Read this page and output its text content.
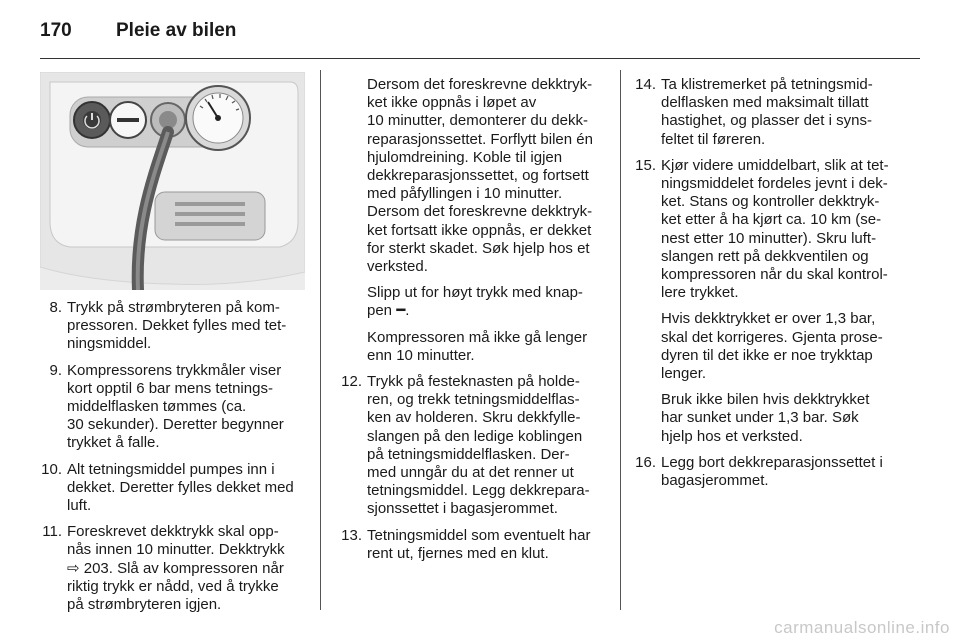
170 Pleie av bilen
8. Trykk på strømbryteren på kom-
pressoren. Dekket fylles med tet-
ningsmiddel.

9. Kompressorens trykkmåler viser
kort opptil 6 bar mens tetnings-
middelflasken tømmes (ca.
30 sekunder). Deretter begynner
trykket å falle.

10. Alt tetningsmiddel pumpes inn i
dekket. Deretter fylles dekket med
luft.

11. Foreskrevet dekktrykk skal opp-
nås innen 10 minutter. Dekktrykk
⇨ 203. Slå av kompressoren når
riktig trykk er nådd, ved å trykke
på strømbryteren igjen.

Dersom det foreskrevne dekktryk-
ket ikke oppnås i løpet av
10 minutter, demonterer du dekk-
reparasjonssettet. Forflytt bilen én
hjulomdreining. Koble til igjen
dekkreparasjonssettet, og fortsett
med påfyllingen i 10 minutter.
Dersom det foreskrevne dekktryk-
ket fortsatt ikke oppnås, er dekket
for sterkt skadet. Søk hjelp hos et
verksted.

Slipp ut for høyt trykk med knap-
pen ━.

Kompressoren må ikke gå lenger
enn 10 minutter.

12. Trykk på festeknasten på holde-
ren, og trekk tetningsmiddelflas-
ken av holderen. Skru dekkfylle-
slangen på den ledige koblingen
på tetningsmiddelflasken. Der-
med unngår du at det renner ut
tetningsmiddel. Legg dekkrepara-
sjonssettet i bagasjerommet.

13. Tetningsmiddel som eventuelt har
rent ut, fjernes med en klut.

14. Ta klistremerket på tetningsmid-
delflasken med maksimalt tillatt
hastighet, og plasser det i syns-
feltet til føreren.

15. Kjør videre umiddelbart, slik at tet-
ningsmiddelet fordeles jevnt i dek-
ket. Stans og kontroller dekktryk-
ket etter å ha kjørt ca. 10 km (se-
nest etter 10 minutter). Skru luft-
slangen rett på dekkventilen og
kompressoren når du skal kontrol-
lere trykket.

Hvis dekktrykket er over 1,3 bar,
skal det korrigeres. Gjenta prose-
dyren til det ikke er noe trykktap
lenger.

Bruk ikke bilen hvis dekktrykket
har sunket under 1,3 bar. Søk
hjelp hos et verksted.

16. Legg bort dekkreparasjonssettet i
bagasjerommet.

carmanualsonline.info
